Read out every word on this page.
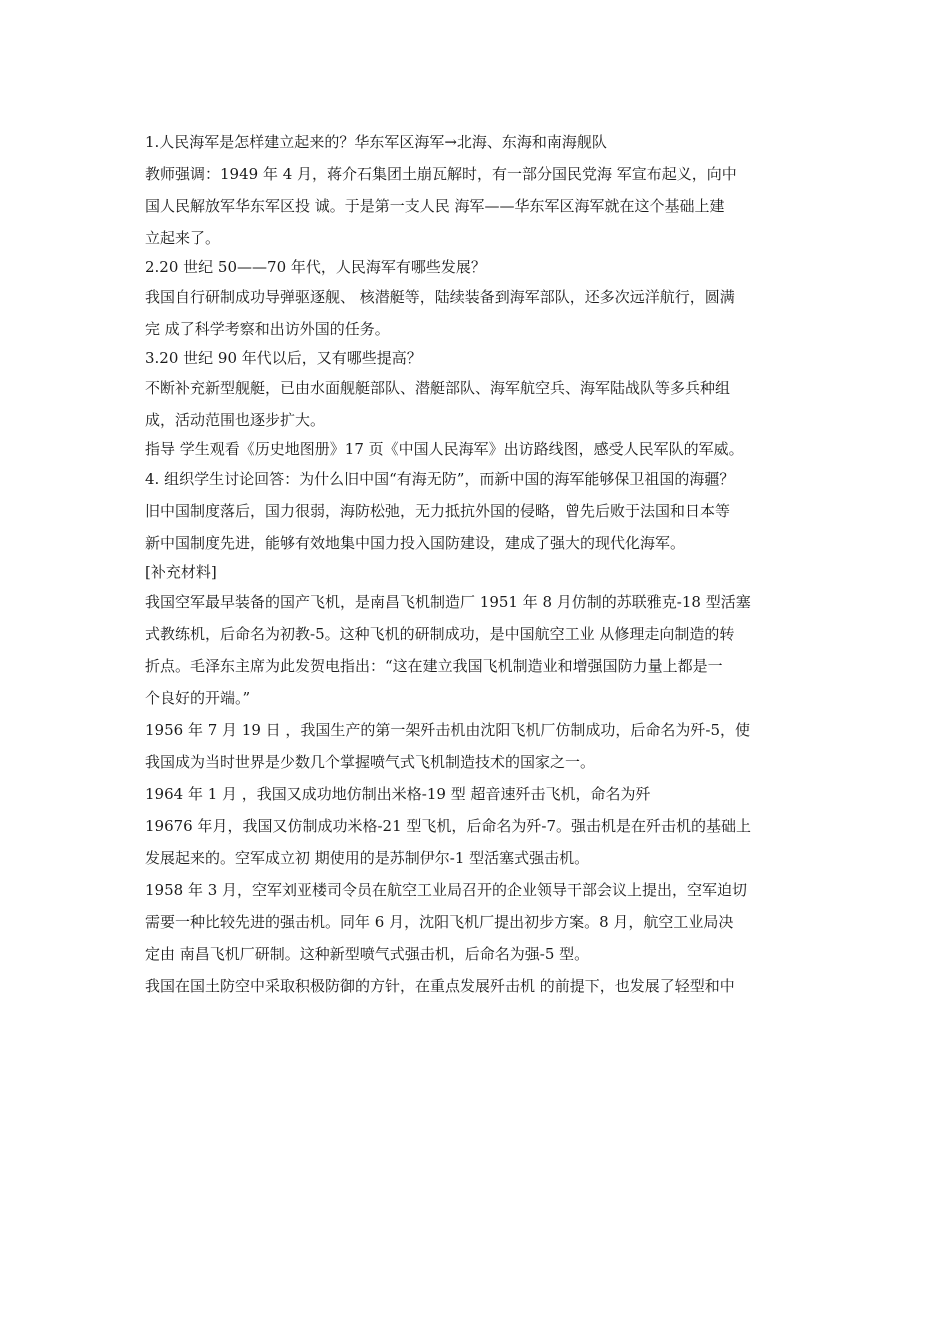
1.人民海军是怎样建立起来的？华东军区海军→北海、东海和南海舰队
教师强调：1949 年 4 月，蒋介石集团土崩瓦解时，有一部分国民党海 军宣布起义，向中
国人民解放军华东军区投 诚。于是第一支人民 海军——华东军区海军就在这个基础上建
立起来了。
2.20 世纪 50——70 年代，人民海军有哪些发展？
我国自行研制成功导弹驱逐舰、 核潜艇等，陆续装备到海军部队，还多次远洋航行，圆满
完 成了科学考察和出访外国的任务。
3.20 世纪 90 年代以后，又有哪些提高？
不断补充新型舰艇，已由水面舰艇部队、潜艇部队、海军航空兵、海军陆战队等多兵种组
成，活动范围也逐步扩大。
指导 学生观看《历史地图册》17 页《中国人民海军》出访路线图，感受人民军队的军威。
4. 组织学生讨论回答：为什么旧中国“有海无防”，而新中国的海军能够保卫祖国的海疆？
旧中国制度落后，国力很弱，海防松弛，无力抵抗外国的侵略，曾先后败于法国和日本等
新中国制度先进，能够有效地集中国力投入国防建设，建成了强大的现代化海军。
[补充材料]
我国空军最早装备的国产飞机，是南昌飞机制造厂 1951 年 8 月仿制的苏联雅克-18 型活塞
式教练机，后命名为初教-5。这种飞机的研制成功，是中国航空工业 从修理走向制造的转
折点。毛泽东主席为此发贺电指出：“这在建立我国飞机制造业和增强国防力量上都是一
个良好的开端。”
1956 年 7 月 19 日 ，我国生产的第一架歼击机由沈阳飞机厂仿制成功，后命名为歼-5，使
我国成为当时世界是少数几个掌握喷气式飞机制造技术的国家之一。
1964 年 1 月 ，我国又成功地仿制出米格-19 型 超音速歼击飞机，命名为歼
19676 年月，我国又仿制成功米格-21 型飞机，后命名为歼-7。强击机是在歼击机的基础上
发展起来的。空军成立初 期使用的是苏制伊尔-1 型活塞式强击机。
1958 年 3 月，空军刘亚楼司令员在航空工业局召开的企业领导干部会议上提出，空军迫切
需要一种比较先进的强击机。同年 6 月，沈阳飞机厂提出初步方案。8 月，航空工业局决
定由 南昌飞机厂研制。这种新型喷气式强击机，后命名为强-5 型。
我国在国土防空中采取积极防御的方针，在重点发展歼击机 的前提下，也发展了轻型和中
